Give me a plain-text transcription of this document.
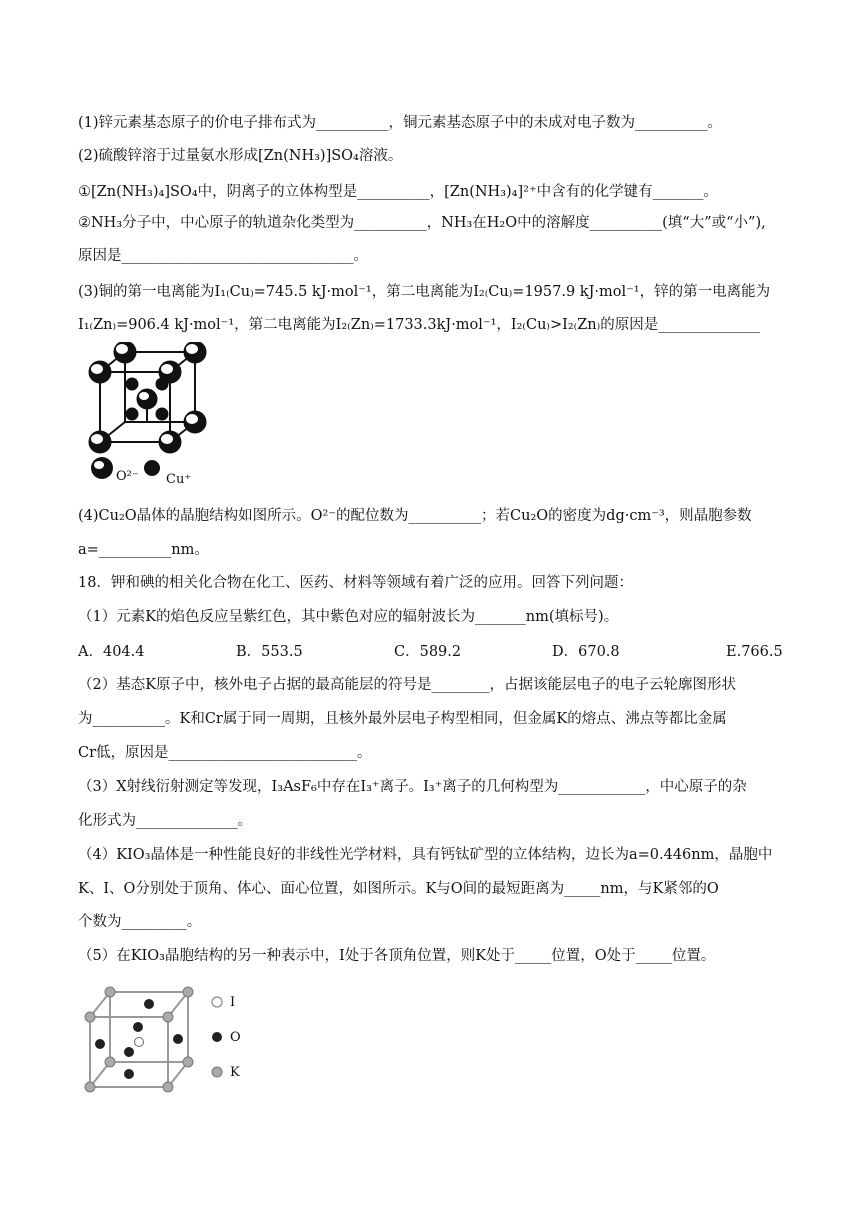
(1)锌元素基态原子的价电子排布式为__________，铜元素基态原子中的未成对电子数为__________。
(2)硫酸锌溶于过量氨水形成[Zn(NH₃)]SO₄溶液。
①[Zn(NH₃)₄]SO₄中，阴离子的立体构型是__________，[Zn(NH₃)₄]²⁺中含有的化学键有_______。
②NH₃分子中，中心原子的轨道杂化类型为__________，NH₃在H₂O中的溶解度__________(填“大”或“小”),
原因是________________________________。
(3)铜的第一电离能为I₁₍Cu₎=745.5 kJ·mol⁻¹，第二电离能为I₂₍Cu₎=1957.9 kJ·mol⁻¹，锌的第一电离能为
I₁₍Zn₎=906.4 kJ·mol⁻¹，第二电离能为I₂₍Zn₎=1733.3kJ·mol⁻¹，I₂₍Cu₎>I₂₍Zn₎的原因是______________
O²⁻ Cu⁺
(4)Cu₂O晶体的晶胞结构如图所示。O²⁻的配位数为__________；若Cu₂O的密度为dg·cm⁻³，则晶胞参数
a=__________nm。
18．钾和碘的相关化合物在化工、医药、材料等领域有着广泛的应用。回答下列问题：
（1）元素K的焰色反应呈紫红色，其中紫色对应的辐射波长为_______nm(填标号)。
A．404.4	B．553.5	C．589.2	D．670.8	E.766.5
（2）基态K原子中，核外电子占据的最高能层的符号是________，占据该能层电子的电子云轮廓图形状
为__________。K和Cr属于同一周期，且核外最外层电子构型相同，但金属K的熔点、沸点等都比金属
Cr低，原因是__________________________。
（3）X射线衍射测定等发现，I₃AsF₆中存在I₃⁺离子。I₃⁺离子的几何构型为____________，中心原子的杂
化形式为______________。
（4）KIO₃晶体是一种性能良好的非线性光学材料，具有钙钛矿型的立体结构，边长为a=0.446nm，晶胞中
K、I、O分别处于顶角、体心、面心位置，如图所示。K与O间的最短距离为_____nm，与K紧邻的O
个数为_________。
（5）在KIO₃晶胞结构的另一种表示中，I处于各顶角位置，则K处于_____位置，O处于_____位置。
I
O
K
